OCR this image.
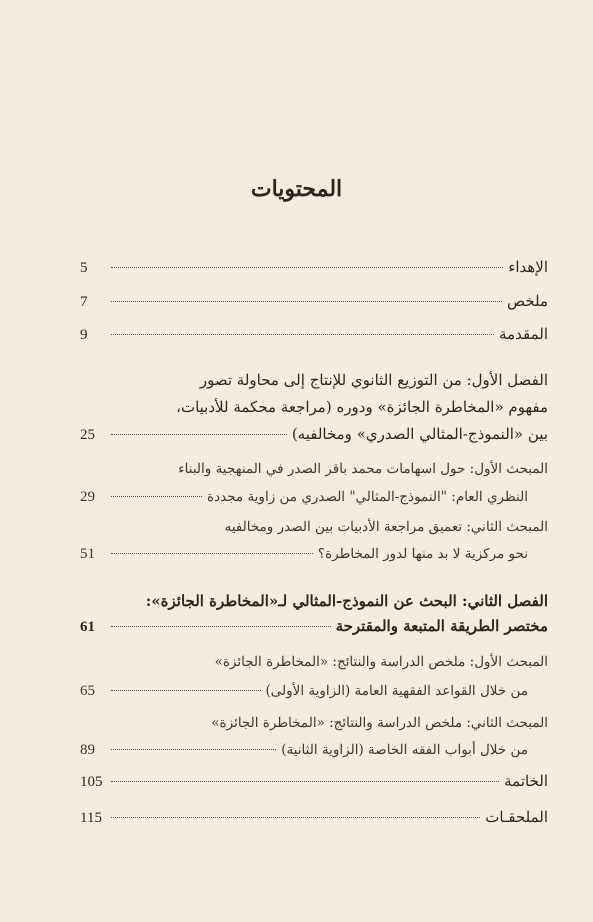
المحتويات
الإهداء
5
ملخص
7
المقدمة
9
الفصل الأول: من التوزيع الثانوي للإنتاج إلى محاولة تصور
مفهوم «المخاطرة الجائزة» ودوره (مراجعة محكمة للأدبيات،
بين «النموذج-المثالي الصدري» ومخالفيه)
25
المبحث الأول: حول اسهامات محمد باقر الصدر في المنهجية والبناء
النظري العام: "النموذج-المثالي" الصدري من زاوية مجددة
29
المبحث الثاني: تعميق مراجعة الأدبيات بين الصدر ومخالفيه
نحو مركزية لا بد منها لدور المخاطرة؟
51
الفصل الثاني: البحث عن النموذج-المثالي لـ«المخاطرة الجائزة»:
مختصر الطريقة المتبعة والمقترحة
61
المبحث الأول: ملخص الدراسة والنتائج: «المخاطرة الجائزة»
من خلال القواعد الفقهية العامة (الزاوية الأولى)
65
المبحث الثاني: ملخص الدراسة والنتائج: «المخاطرة الجائزة»
من خلال أبواب الفقه الخاصة (الزاوية الثانية)
89
الخاتمة
105
الملحقـات
115
